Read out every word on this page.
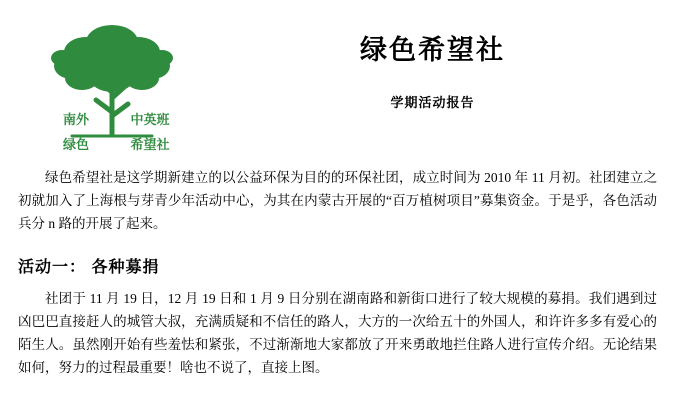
南外	中英班
绿色	希望社
绿色希望社
学期活动报告

绿色希望社是这学期新建立的以公益环保为目的的环保社团，成立时间为 2010 年 11 月初。社团建立之初就加入了上海根与芽青少年活动中心，为其在内蒙古开展的“百万植树项目”募集资金。于是乎，各色活动兵分 n 路的开展了起来。

活动一： 各种募捐

社团于 11 月 19 日，12 月 19 日和 1 月 9 日分别在湖南路和新街口进行了较大规模的募捐。我们遇到过凶巴巴直接赶人的城管大叔，充满质疑和不信任的路人，大方的一次给五十的外国人，和许许多多有爱心的陌生人。虽然刚开始有些羞怯和紧张，不过渐渐地大家都放了开来勇敢地拦住路人进行宣传介绍。无论结果如何，努力的过程最重要！啥也不说了，直接上图。
